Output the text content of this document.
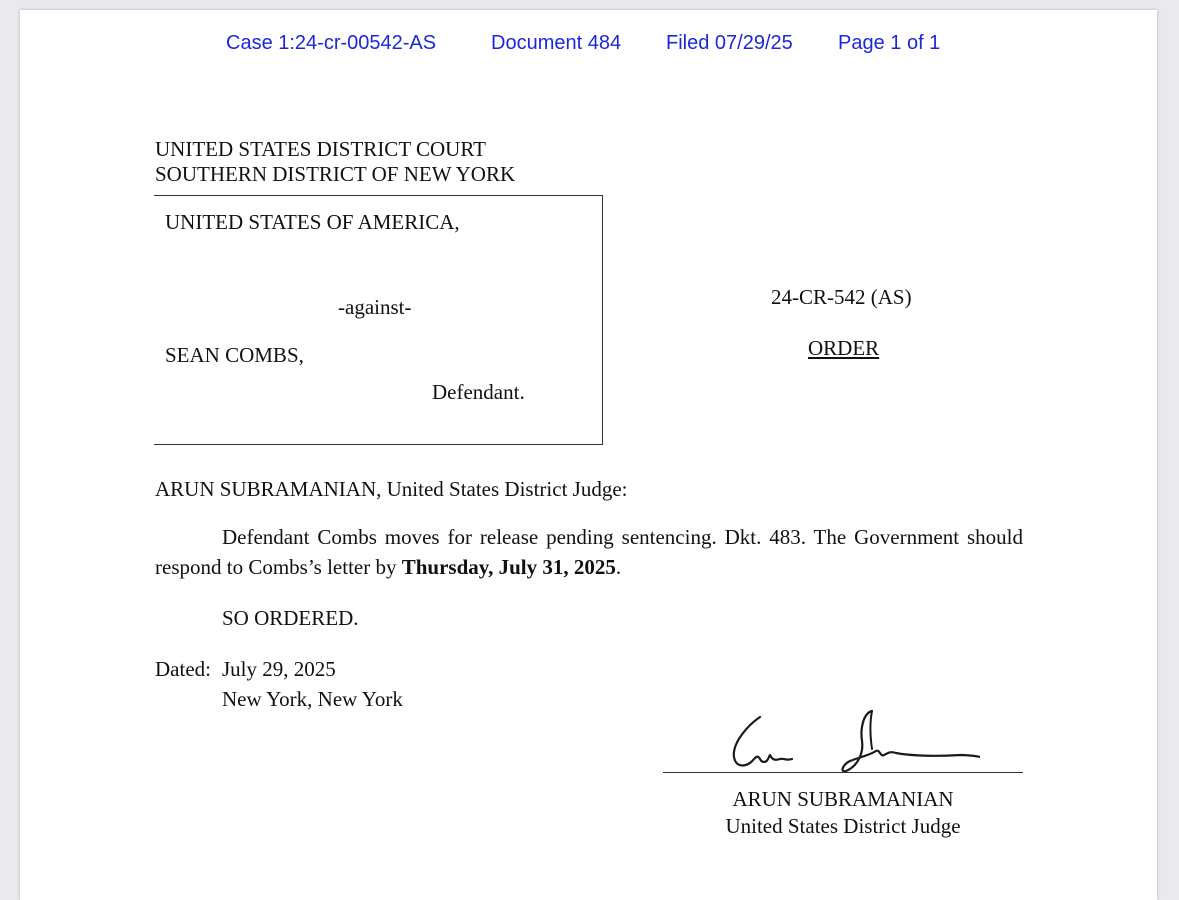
Case 1:24-cr-00542-AS	Document 484 Filed 07/29/25 Page 1 of 1
UNITED STATES DISTRICT COURT
SOUTHERN DISTRICT OF NEW YORK
UNITED STATES OF AMERICA,
-against-
SEAN COMBS,
Defendant.
24-CR-542 (AS)
ORDER
ARUN SUBRAMANIAN, United States District Judge:
Defendant Combs moves for release pending sentencing. Dkt. 483. The Government should respond to Combs’s letter by Thursday, July 31, 2025.
SO ORDERED.
Dated: July 29, 2025
New York, New York
ARUN SUBRAMANIAN
United States District Judge
